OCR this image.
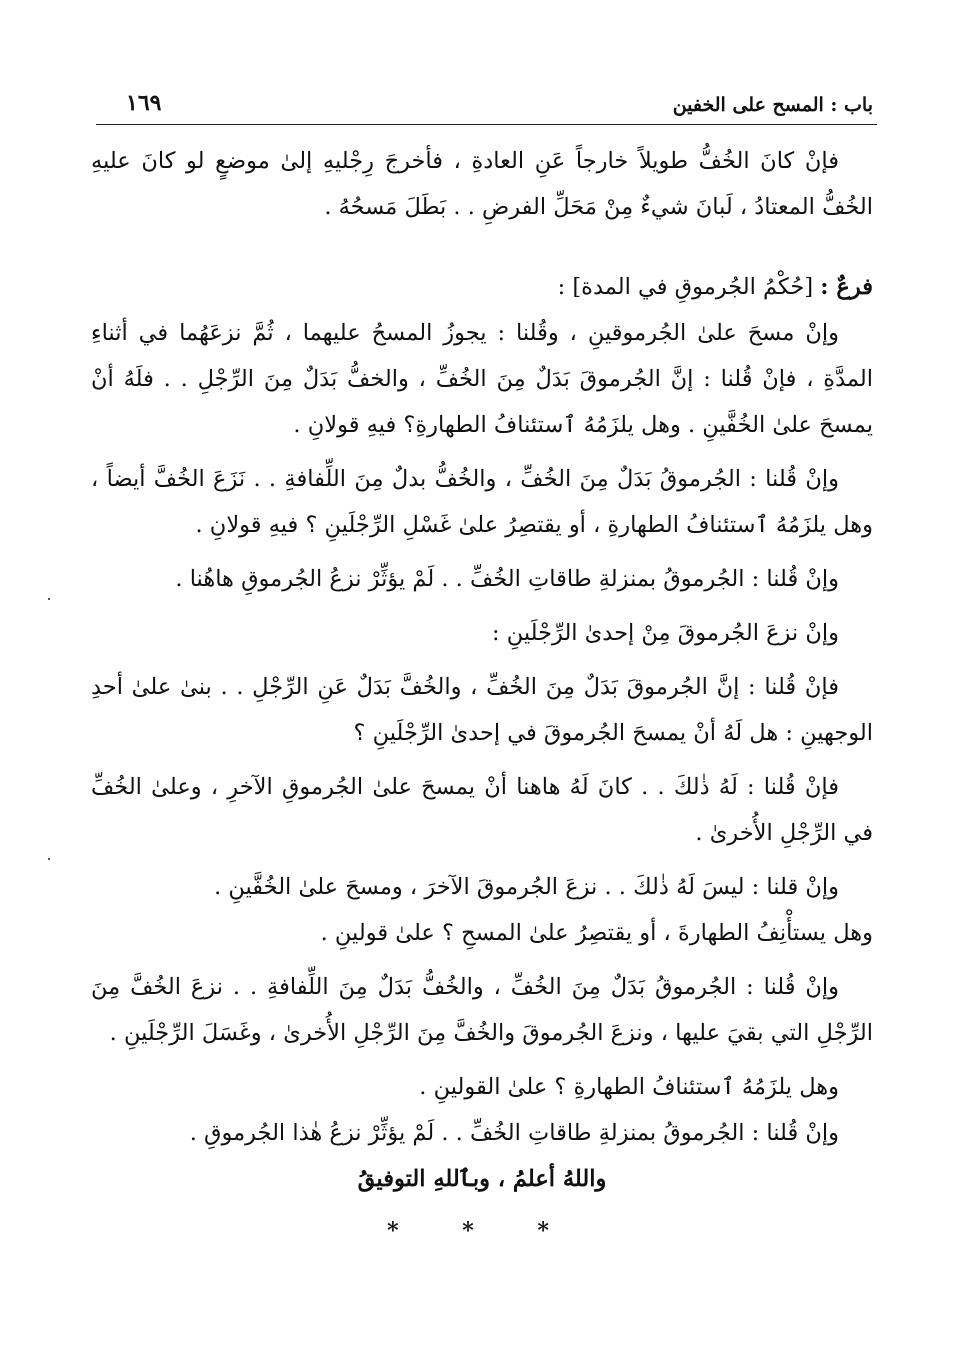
باب : المسح على الخفين
١٦٩

فإنْ كانَ الخُفُّ طويلاً خارجاً عَنِ العادةِ ، فأخرجَ رِجْليهِ إلىٰ موضعٍ لو كانَ عليهِ الخُفُّ المعتادُ ، لَبانَ شيءٌ مِنْ مَحَلِّ الفرضِ . . بَطَلَ مَسحُهُ .

فرعٌ : [حُكْمُ الجُرموقِ في المدة] :

وإنْ مسحَ علىٰ الجُرموقينِ ، وقُلنا : يجوزُ المسحُ عليهما ، ثُمَّ نزعَهُما في أثناءِ المدَّةِ ، فإنْ قُلنا : إنَّ الجُرموقَ بَدَلٌ مِنَ الخُفِّ ، والخفُّ بَدَلٌ مِنَ الرِّجْلِ . . فلَهُ أنْ يمسحَ علىٰ الخُفَّينِ . وهل يلزَمُهُ ٱستئنافُ الطهارةِ؟ فيهِ قولانِ .

وإنْ قُلنا : الجُرموقُ بَدَلٌ مِنَ الخُفِّ ، والخُفُّ بدلٌ مِنَ اللِّفافةِ . . نَزَعَ الخُفَّ أيضاً ، وهل يلزَمُهُ ٱستئنافُ الطهارةِ ، أو يقتصِرُ علىٰ غَسْلِ الرِّجْلَينِ ؟ فيهِ قولانِ .

وإنْ قُلنا : الجُرموقُ بمنزلةِ طاقاتِ الخُفِّ . . لَمْ يؤثِّرْ نزعُ الجُرموقِ هاهُنا .

وإنْ نزعَ الجُرموقَ مِنْ إحدىٰ الرِّجْلَينِ :

فإنْ قُلنا : إنَّ الجُرموقَ بَدَلٌ مِنَ الخُفِّ ، والخُفَّ بَدَلٌ عَنِ الرِّجْلِ . . بنىٰ علىٰ أحدِ الوجهينِ : هل لَهُ أنْ يمسحَ الجُرموقَ في إحدىٰ الرِّجْلَينِ ؟

فإنْ قُلنا : لَهُ ذٰلكَ . . كانَ لَهُ هاهنا أنْ يمسحَ علىٰ الجُرموقِ الآخرِ ، وعلىٰ الخُفِّ في الرِّجْلِ الأُخرىٰ .

وإنْ قلنا : ليسَ لَهُ ذٰلكَ . . نزعَ الجُرموقَ الآخرَ ، ومسحَ علىٰ الخُفَّينِ .

وهل يستأْنِفُ الطهارةَ ، أو يقتصِرُ علىٰ المسحِ ؟ علىٰ قولينِ .

وإنْ قُلنا : الجُرموقُ بَدَلٌ مِنَ الخُفِّ ، والخُفُّ بَدَلٌ مِنَ اللِّفافةِ . . نزعَ الخُفَّ مِنَ الرِّجْلِ التي بقيَ عليها ، ونزعَ الجُرموقَ والخُفَّ مِنَ الرِّجْلِ الأُخرىٰ ، وغَسَلَ الرِّجْلَينِ .

وهل يلزَمُهُ ٱستئنافُ الطهارةِ ؟ علىٰ القولينِ .

وإنْ قُلنا : الجُرموقُ بمنزلةِ طاقاتِ الخُفِّ . . لَمْ يؤثِّرْ نزعُ هٰذا الجُرموقِ .

واللهُ أعلمُ ، وبٱللهِ التوفيقُ

* * *
